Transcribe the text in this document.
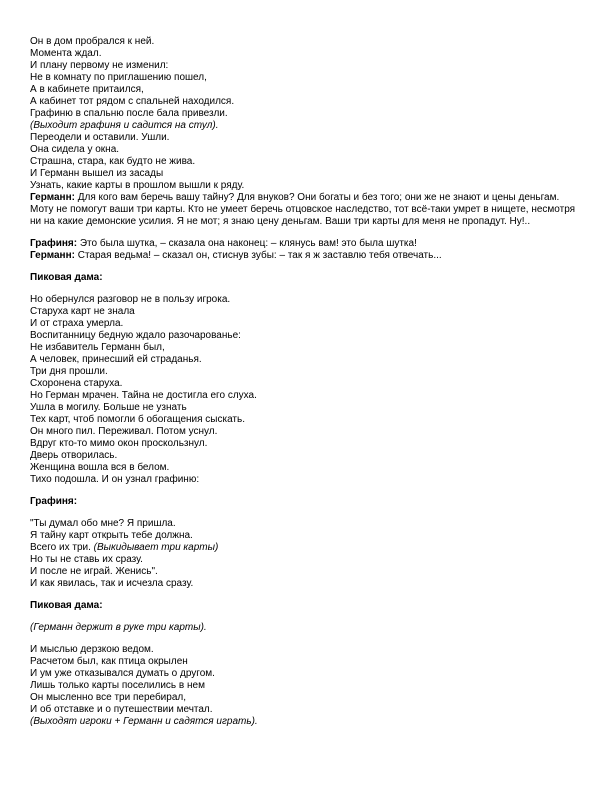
Он в дом пробрался к ней.
Момента ждал.
И плану первому не изменил:
Не в комнату по приглашению пошел,
А в кабинете притаился,
А кабинет тот рядом с спальней находился.
Графиню в спальню после бала привезли.
(Выходит графиня и садится на стул).
Переодели и оставили. Ушли.
Она сидела у окна.
Страшна, стара, как будто не жива.
И Германн вышел из засады
Узнать, какие карты в прошлом вышли к ряду.
Германн: Для кого вам беречь вашу тайну? Для внуков? Они богаты и без того; они же не знают и цены деньгам. Моту не помогут ваши три карты. Кто не умеет беречь отцовское наследство, тот всё-таки умрет в нищете, несмотря ни на какие демонские усилия. Я не мот; я знаю цену деньгам. Ваши три карты для меня не пропадут. Ну!..
Графиня: Это была шутка, – сказала она наконец: – клянусь вам! это была шутка!
Германн: Старая ведьма! – сказал он, стиснув зубы: – так я ж заставлю тебя отвечать...
Пиковая дама:
Но обернулся разговор не в пользу игрока.
Старуха карт не знала
И от страха умерла.
Воспитанницу бедную ждало разочарованье:
Не избавитель Германн был,
А человек, принесший ей страданья.
Три дня прошли.
Схоронена старуха.
Но Герман мрачен. Тайна не достигла его слуха.
Ушла в могилу. Больше не узнать
Тех карт, чтоб помогли б обогащения сыскать.
Он много пил. Переживал. Потом уснул.
Вдруг кто-то мимо окон проскользнул.
Дверь отворилась.
Женщина вошла вся в белом.
Тихо подошла. И он узнал графиню:
Графиня:
"Ты думал обо мне? Я пришла.
Я тайну карт открыть тебе должна.
Всего их три. (Выкидывает три карты)
Но ты не ставь их сразу.
И после не играй. Женись".
И как явилась, так и исчезла сразу.
Пиковая дама:
(Германн держит в руке три карты).
И мыслью дерзкою ведом.
Расчетом был, как птица окрылен
И ум уже отказывался думать о другом.
Лишь только карты поселились в нем
Он мысленно все три перебирал,
И об отставке и о путешествии мечтал.
(Выходят игроки + Германн и садятся играть).
